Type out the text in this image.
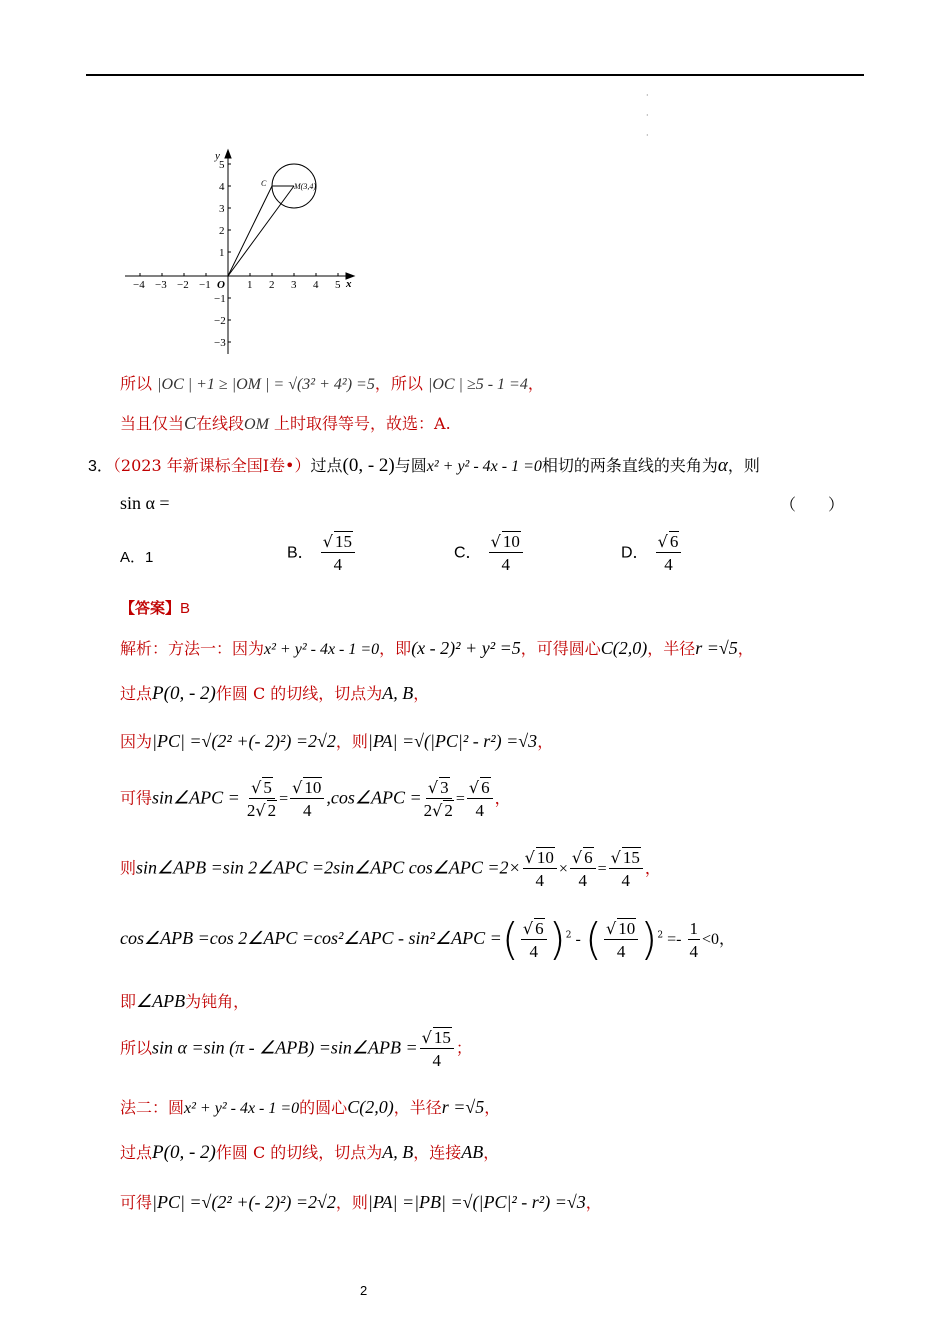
·
·
·
y
x
O
−4 −3 −2 −1	1 2 3 4 5
5
4
3
2
1
−1
−2
−3
C	M(3,4)
所以 |OC | +1 ≥ |OM | = √(3² + 4²) =5，所以 |OC | ≥5 - 1 =4，
当且仅当C在线段OM 上时取得等号，故选：A.
3．（2023 年新课标全国Ⅰ卷•）过点(0, - 2)与圆x² + y² - 4x - 1 =0相切的两条直线的夹角为α，则
sin α =	（　　）
A．1	B． $\frac{√ 15}{4}$	C． $\frac{√ 10}{4}$	D． $\frac{√ 6}{4}$
【答案】B
解析：方法一：因为x² + y² - 4x - 1 =0，即(x - 2)² + y² =5，可得圆心C(2,0)，半径r =√5，
过点P(0, - 2)作圆 C 的切线，切点为A, B，
因为|PC| =√(2² +(- 2)²) =2√2，则|PA| =√(|PC|² - r²) =√3，
可得sin∠APC = $\frac{√ 5}{2√ 2} = \frac{√ 10}{4}$ ,cos∠APC = $\frac{√ 3}{2√ 2} = \frac{√ 6}{4}$ ，
则sin∠APB =sin 2∠APC =2sin∠APC cos∠APC $=2\times \frac{√ 10}{4} \times \frac{√ 6}{4} = \frac{√ 15}{4}$ ，
cos∠APB =cos 2∠APC =cos²∠APC - sin²∠APC =( $\frac{√ 6}{4} )^2$ - ( $\frac{√ 10}{4} )^2 =- \frac{1}{4} <0$，
即∠APB为钝角，
所以sin α =sin (π - ∠APB) =sin∠APB = $\frac{√ 15}{4}$ ；
法二：圆x² + y² - 4x - 1 =0的圆心C(2,0)，半径r =√5，
过点P(0, - 2)作圆 C 的切线，切点为A, B，连接AB，
可得|PC| =√(2² +(- 2)²) =2√2，则|PA| =|PB| =√(|PC|² - r²) =√3，
2
